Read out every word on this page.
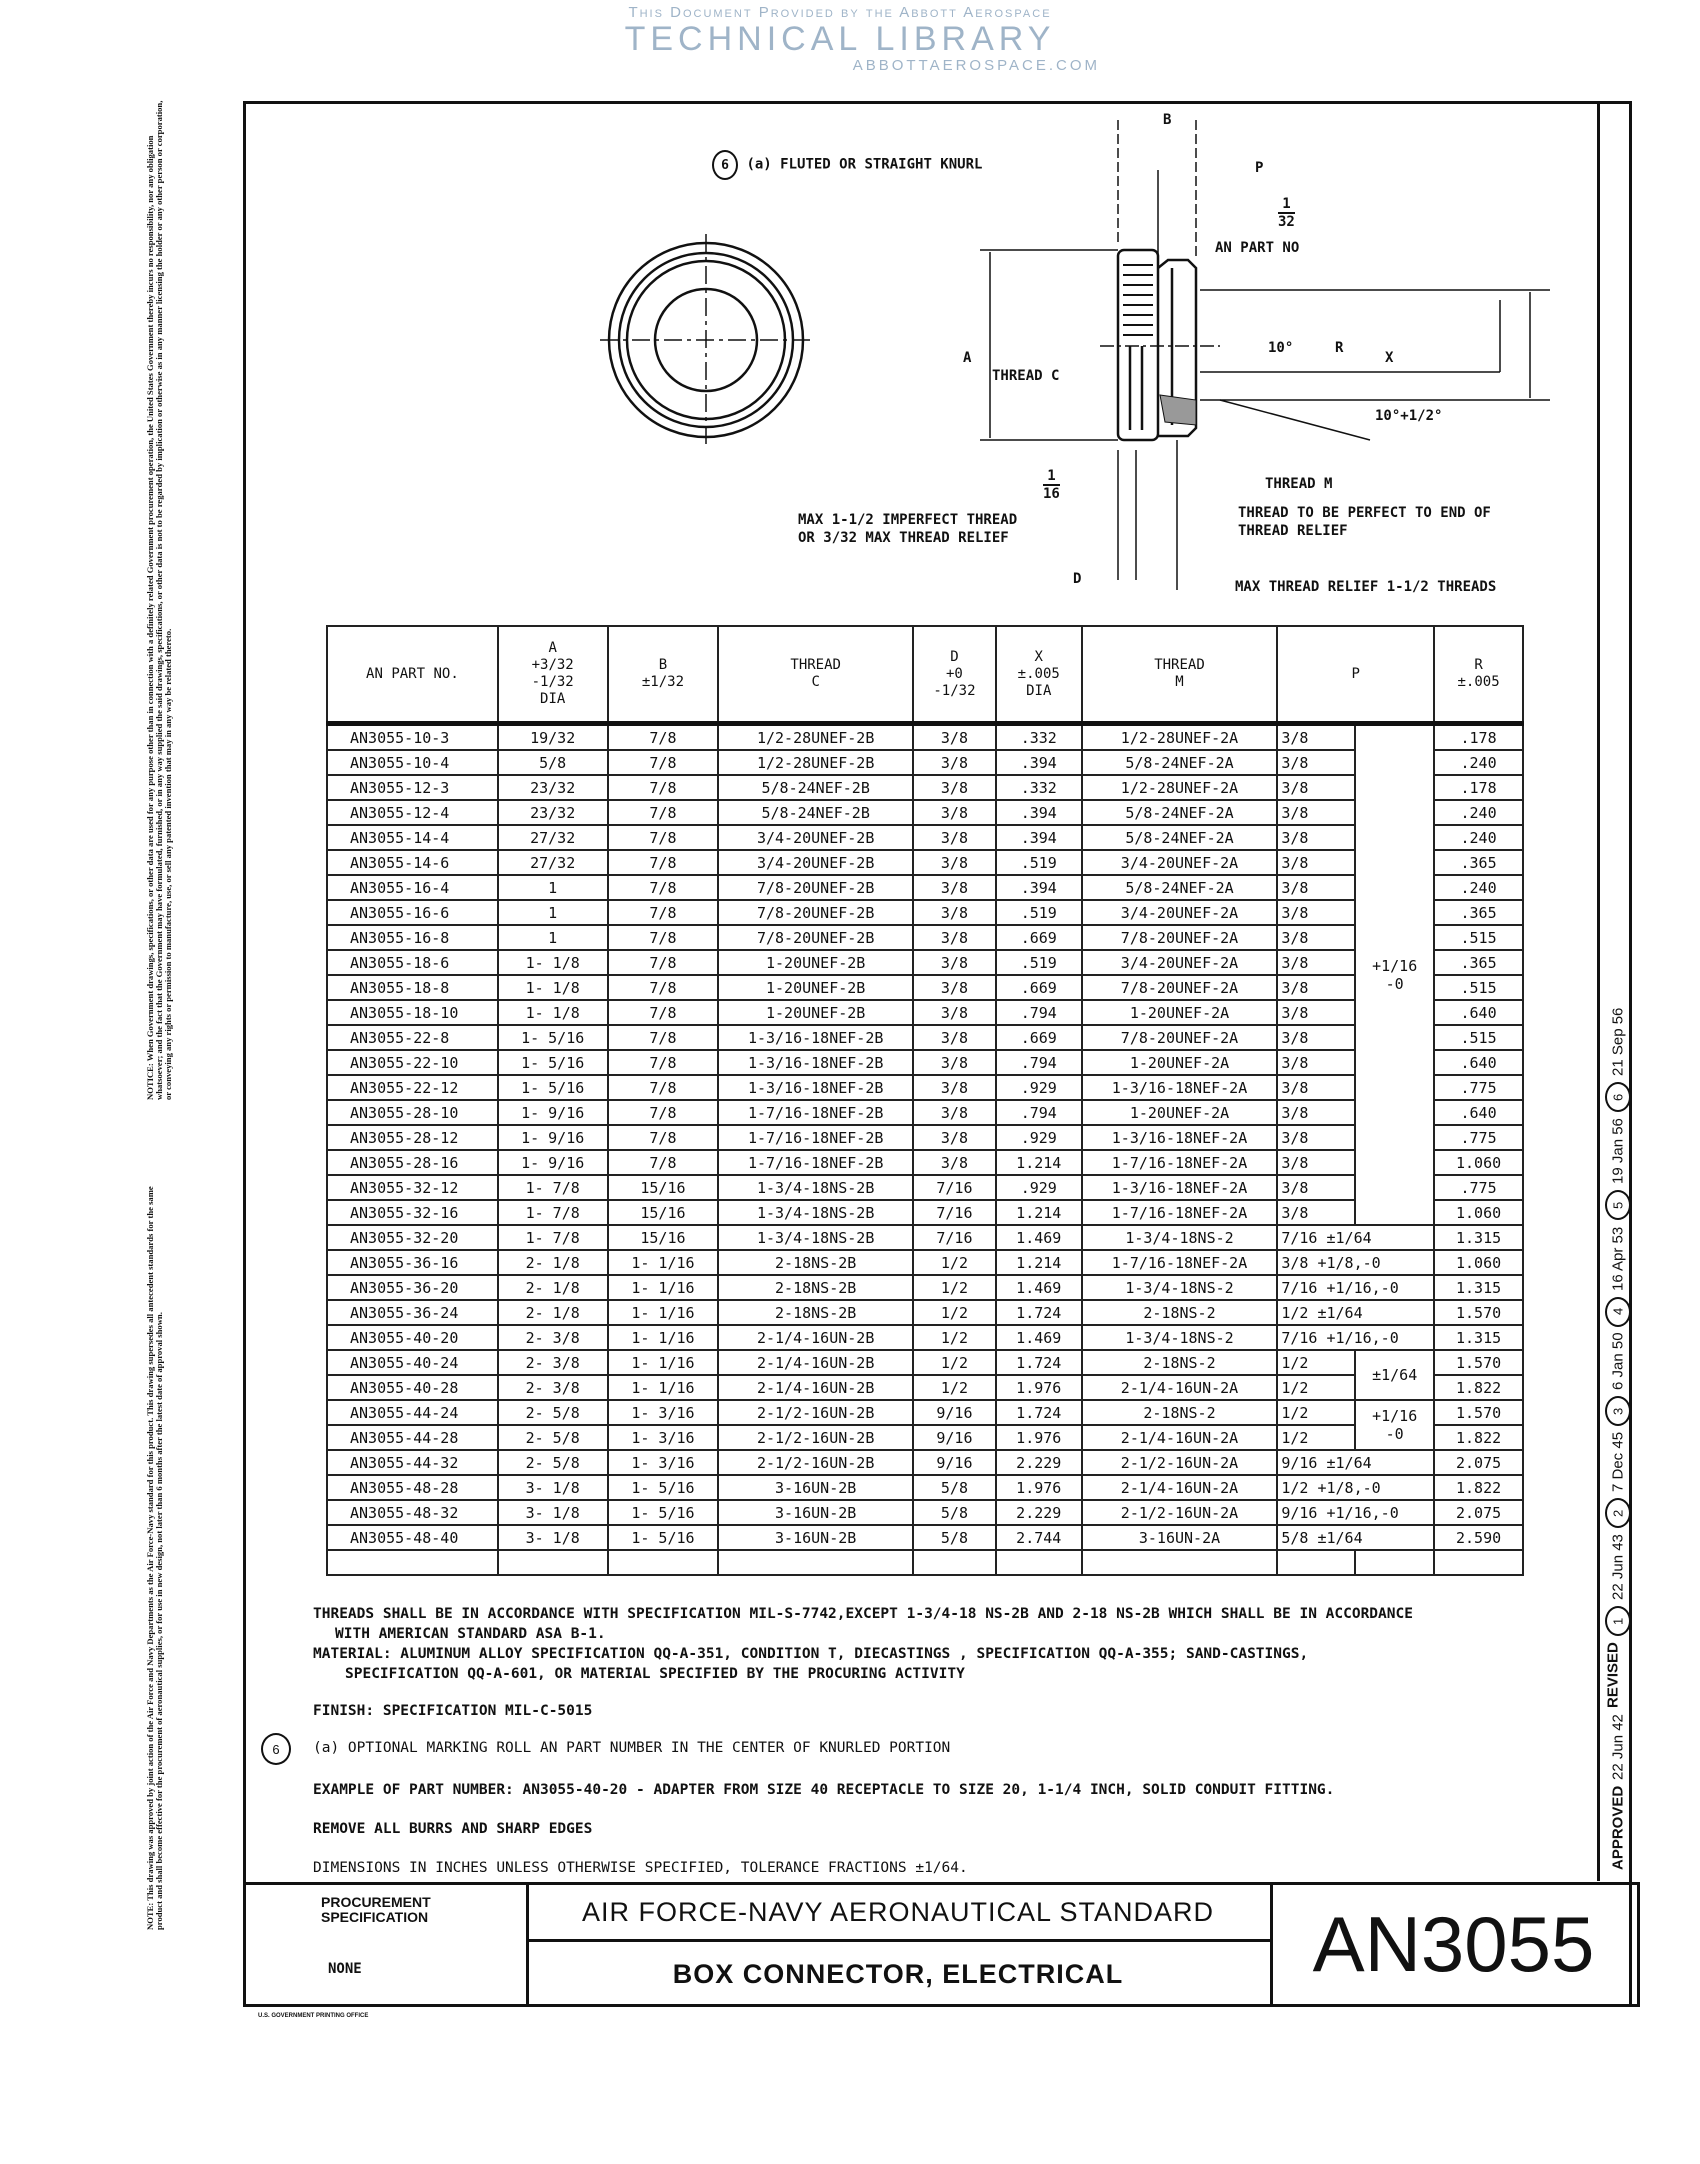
This Document Provided by the Abbott Aerospace
TECHNICAL LIBRARY
ABBOTTAEROSPACE.COM
NOTICE: When Government drawings, specifications, or other data are used for any purpose other than in connection with a definitely related Government procurement operation, the United States Government thereby incurs no responsibility, nor any obligation whatsoever; and the fact that the Government may have formulated, furnished, or in any way supplied the said drawings, specifications, or other data is not to be regarded by implication or otherwise as in any manner licensing the holder or any other person or corporation, or conveying any rights or permission to manufacture, use, or sell any patented invention that may in any way be related thereto.
NOTE: This drawing was approved by joint action of the Air Force and Navy Departments as the Air Force-Navy standard for this product. This drawing supersedes all antecedent standards for the same product and shall become effective for the procurement of aeronautical supplies, or for use in new design, not later than 6 months after the latest date of approval shown.	APPROVED
22 Jun 42
REVISED
1
22 Jun 43
2
7 Dec 45
3
6 Jan 50
4
16 Apr 53
5
19 Jan 56
6
21 Sep 56
6 (a) FLUTED OR STRAIGHT KNURL
B
P
1
32
AN PART NO
A
THREAD C
10°	R
X
10°+1/2°
1
16
THREAD M
MAX 1-1/2 IMPERFECT THREAD
OR 3/32 MAX THREAD RELIEF
THREAD TO BE PERFECT TO END OF
THREAD RELIEF
D	MAX THREAD RELIEF 1-1/2 THREADS
AN PART NO.	A
+3/32
-1/32
DIA	B
±1/32	THREAD
C	D
+0
-1/32	X
±.005
DIA	THREAD
M	P		R
±.005
AN3055-10-3	19/32	7/8	1/2-28UNEF-2B	3/8	.332	1/2-28UNEF-2A	3/8	+1/16
-0	.178
AN3055-10-4	5/8	7/8	1/2-28UNEF-2B	3/8	.394	5/8-24NEF-2A	3/8		.240
AN3055-12-3	23/32	7/8	5/8-24NEF-2B	3/8	.332	1/2-28UNEF-2A	3/8		.178
AN3055-12-4	23/32	7/8	5/8-24NEF-2B	3/8	.394	5/8-24NEF-2A	3/8		.240
AN3055-14-4	27/32	7/8	3/4-20UNEF-2B	3/8	.394	5/8-24NEF-2A	3/8		.240
AN3055-14-6	27/32	7/8	3/4-20UNEF-2B	3/8	.519	3/4-20UNEF-2A	3/8		.365
AN3055-16-4	1	7/8	7/8-20UNEF-2B	3/8	.394	5/8-24NEF-2A	3/8		.240
AN3055-16-6	1	7/8	7/8-20UNEF-2B	3/8	.519	3/4-20UNEF-2A	3/8		.365
AN3055-16-8	1	7/8	7/8-20UNEF-2B	3/8	.669	7/8-20UNEF-2A	3/8		.515
AN3055-18-6	1- 1/8	7/8	1-20UNEF-2B	3/8	.519	3/4-20UNEF-2A	3/8		.365
AN3055-18-8	1- 1/8	7/8	1-20UNEF-2B	3/8	.669	7/8-20UNEF-2A	3/8		.515
AN3055-18-10	1- 1/8	7/8	1-20UNEF-2B	3/8	.794	1-20UNEF-2A	3/8		.640
AN3055-22-8	1- 5/16	7/8	1-3/16-18NEF-2B	3/8	.669	7/8-20UNEF-2A	3/8		.515
AN3055-22-10	1- 5/16	7/8	1-3/16-18NEF-2B	3/8	.794	1-20UNEF-2A	3/8		.640
AN3055-22-12	1- 5/16	7/8	1-3/16-18NEF-2B	3/8	.929	1-3/16-18NEF-2A	3/8		.775
AN3055-28-10	1- 9/16	7/8	1-7/16-18NEF-2B	3/8	.794	1-20UNEF-2A	3/8		.640
AN3055-28-12	1- 9/16	7/8	1-7/16-18NEF-2B	3/8	.929	1-3/16-18NEF-2A	3/8		.775
AN3055-28-16	1- 9/16	7/8	1-7/16-18NEF-2B	3/8	1.214	1-7/16-18NEF-2A	3/8		1.060
AN3055-32-12	1- 7/8	15/16	1-3/4-18NS-2B	7/16	.929	1-3/16-18NEF-2A	3/8		.775
AN3055-32-16	1- 7/8	15/16	1-3/4-18NS-2B	7/16	1.214	1-7/16-18NEF-2A	3/8		1.060
AN3055-32-20	1- 7/8	15/16	1-3/4-18NS-2B	7/16	1.469	1-3/4-18NS-2	7/16 ±1/64		1.315
AN3055-36-16	2- 1/8	1- 1/16	2-18NS-2B	1/2	1.214	1-7/16-18NEF-2A	3/8 +1/8,-0		1.060
AN3055-36-20	2- 1/8	1- 1/16	2-18NS-2B	1/2	1.469	1-3/4-18NS-2	7/16 +1/16,-0		1.315
AN3055-36-24	2- 1/8	1- 1/16	2-18NS-2B	1/2	1.724	2-18NS-2	1/2 ±1/64		1.570
AN3055-40-20	2- 3/8	1- 1/16	2-1/4-16UN-2B	1/2	1.469	1-3/4-18NS-2	7/16 +1/16,-0		1.315
AN3055-40-24	2- 3/8	1- 1/16	2-1/4-16UN-2B	1/2	1.724	2-18NS-2	1/2	±1/64	1.570
AN3055-40-28	2- 3/8	1- 1/16	2-1/4-16UN-2B	1/2	1.976	2-1/4-16UN-2A	1/2		1.822
AN3055-44-24	2- 5/8	1- 3/16	2-1/2-16UN-2B	9/16	1.724	2-18NS-2	1/2	+1/16
-0	1.570
AN3055-44-28	2- 5/8	1- 3/16	2-1/2-16UN-2B	9/16	1.976	2-1/4-16UN-2A	1/2		1.822
AN3055-44-32	2- 5/8	1- 3/16	2-1/2-16UN-2B	9/16	2.229	2-1/2-16UN-2A	9/16 ±1/64		2.075
AN3055-48-28	3- 1/8	1- 5/16	3-16UN-2B	5/8	1.976	2-1/4-16UN-2A	1/2 +1/8,-0		1.822
AN3055-48-32	3- 1/8	1- 5/16	3-16UN-2B	5/8	2.229	2-1/2-16UN-2A	9/16 +1/16,-0		2.075
AN3055-48-40	3- 1/8	1- 5/16	3-16UN-2B	5/8	2.744	3-16UN-2A	5/8 ±1/64		2.590

THREADS SHALL BE IN ACCORDANCE WITH SPECIFICATION MIL-S-7742,EXCEPT 1-3/4-18 NS-2B AND 2-18 NS-2B WHICH SHALL BE IN ACCORDANCE
WITH AMERICAN STANDARD ASA B-1.
MATERIAL: ALUMINUM ALLOY SPECIFICATION QQ-A-351, CONDITION T, DIECASTINGS , SPECIFICATION QQ-A-355; SAND-CASTINGS,
SPECIFICATION QQ-A-601, OR MATERIAL SPECIFIED BY THE PROCURING ACTIVITY
FINISH: SPECIFICATION MIL-C-5015
6	(a) OPTIONAL MARKING ROLL AN PART NUMBER IN THE CENTER OF KNURLED PORTION
EXAMPLE OF PART NUMBER: AN3055-40-20 - ADAPTER FROM SIZE 40 RECEPTACLE TO SIZE 20, 1-1/4 INCH, SOLID CONDUIT FITTING.
REMOVE ALL BURRS AND SHARP EDGES
DIMENSIONS IN INCHES UNLESS OTHERWISE SPECIFIED, TOLERANCE FRACTIONS ±1/64.
PROCUREMENT SPECIFICATION
NONE
AIR FORCE-NAVY AERONAUTICAL STANDARD
BOX CONNECTOR, ELECTRICAL	AN3055
U.S. GOVERNMENT PRINTING OFFICE
